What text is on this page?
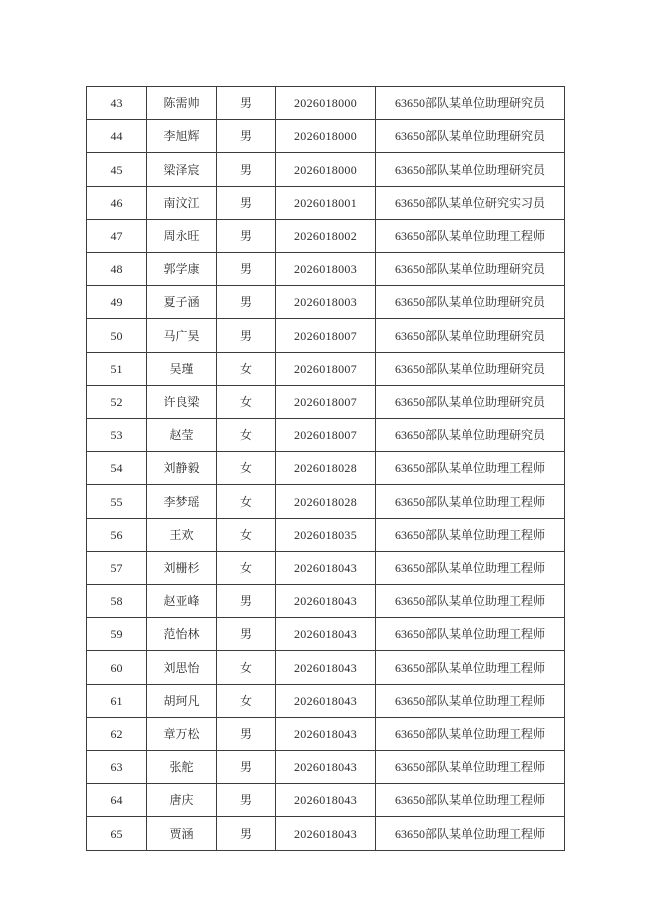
43	陈需帅	男	2026018000	63650部队某单位助理研究员
44	李旭辉	男	2026018000	63650部队某单位助理研究员
45	梁泽宸	男	2026018000	63650部队某单位助理研究员
46	南汶江	男	2026018001	63650部队某单位研究实习员
47	周永旺	男	2026018002	63650部队某单位助理工程师
48	郭学康	男	2026018003	63650部队某单位助理研究员
49	夏子涵	男	2026018003	63650部队某单位助理研究员
50	马广昊	男	2026018007	63650部队某单位助理研究员
51	吴瑾	女	2026018007	63650部队某单位助理研究员
52	许良梁	女	2026018007	63650部队某单位助理研究员
53	赵莹	女	2026018007	63650部队某单位助理研究员
54	刘静毅	女	2026018028	63650部队某单位助理工程师
55	李梦瑶	女	2026018028	63650部队某单位助理工程师
56	王欢	女	2026018035	63650部队某单位助理工程师
57	刘栅杉	女	2026018043	63650部队某单位助理工程师
58	赵亚峰	男	2026018043	63650部队某单位助理工程师
59	范怡林	男	2026018043	63650部队某单位助理工程师
60	刘思怡	女	2026018043	63650部队某单位助理工程师
61	胡珂凡	女	2026018043	63650部队某单位助理工程师
62	章万松	男	2026018043	63650部队某单位助理工程师
63	张舵	男	2026018043	63650部队某单位助理工程师
64	唐庆	男	2026018043	63650部队某单位助理工程师
65	贾涵	男	2026018043	63650部队某单位助理工程师
